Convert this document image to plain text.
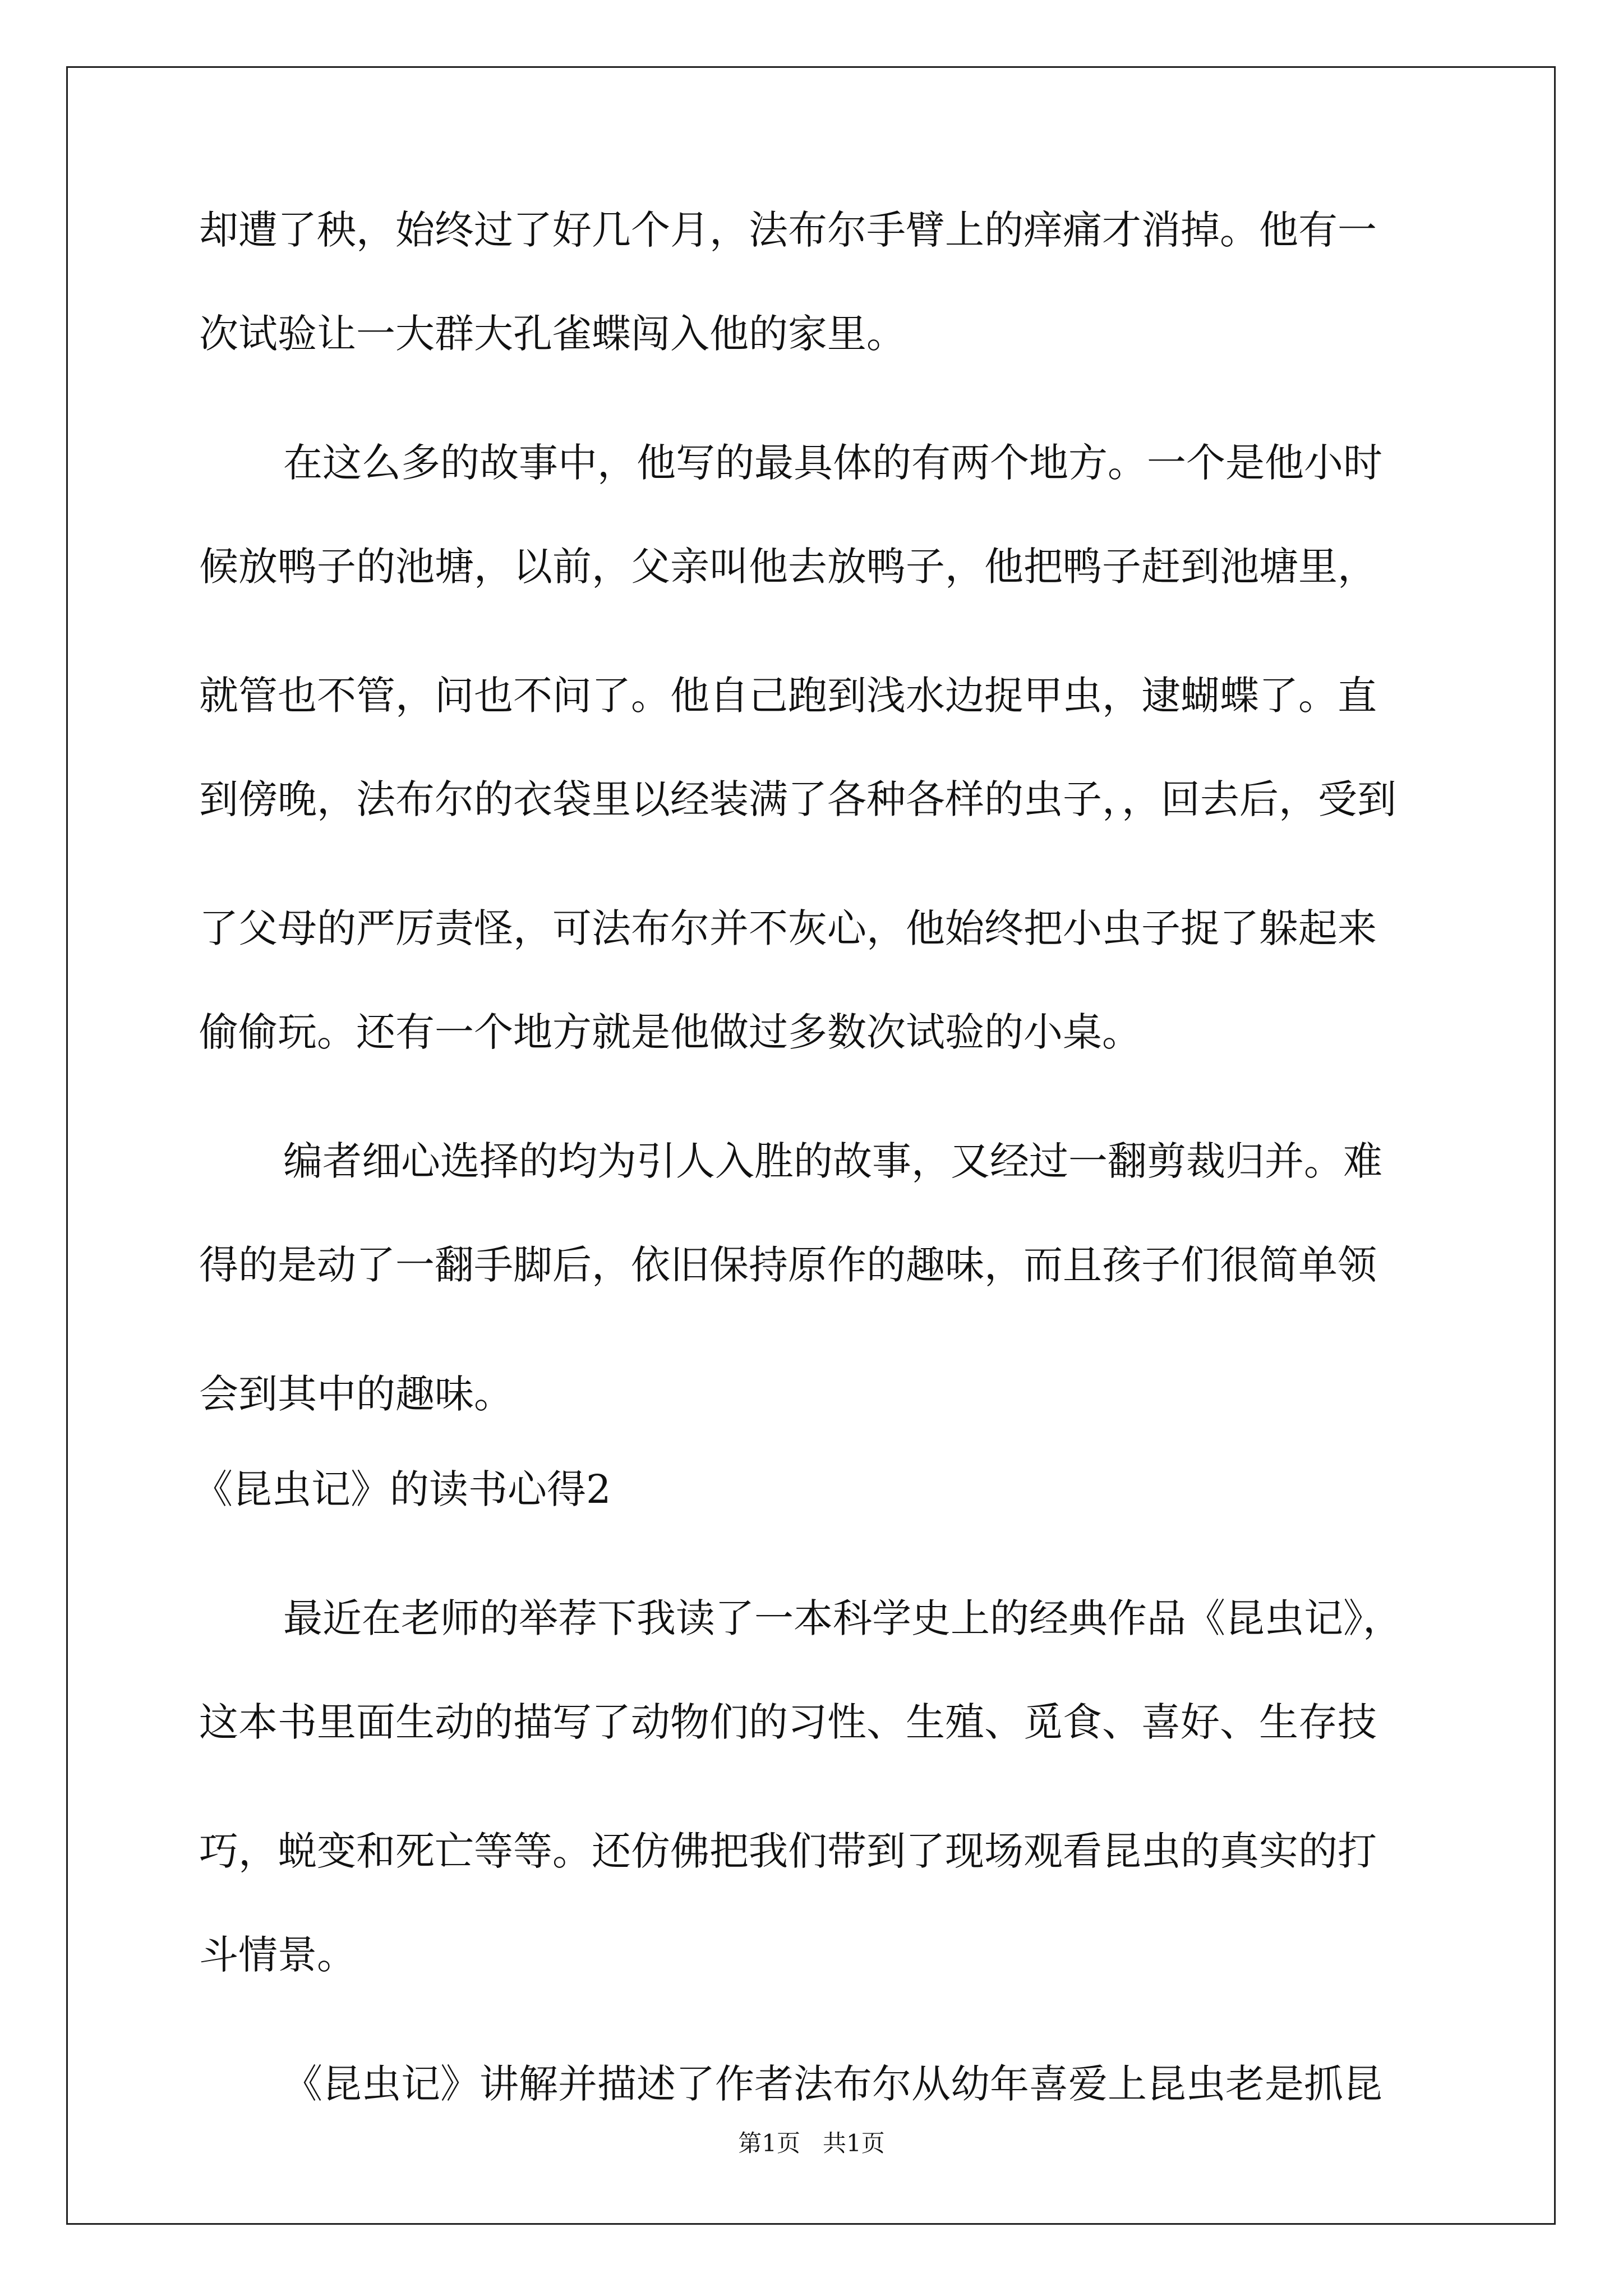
却遭了秧，始终过了好几个月，法布尔手臂上的痒痛才消掉。他有一
次试验让一大群大孔雀蝶闯入他的家里。
在这么多的故事中，他写的最具体的有两个地方。一个是他小时
候放鸭子的池塘，以前，父亲叫他去放鸭子，他把鸭子赶到池塘里，
就管也不管，问也不问了。他自己跑到浅水边捉甲虫，逮蝴蝶了。直
到傍晚，法布尔的衣袋里以经装满了各种各样的虫子，，回去后，受到
了父母的严厉责怪，可法布尔并不灰心，他始终把小虫子捉了躲起来
偷偷玩。还有一个地方就是他做过多数次试验的小桌。
编者细心选择的均为引人入胜的故事，又经过一翻剪裁归并。难
得的是动了一翻手脚后，依旧保持原作的趣味，而且孩子们很简单领
会到其中的趣味。
《昆虫记》的读书心得2
最近在老师的举荐下我读了一本科学史上的经典作品《昆虫记》，
这本书里面生动的描写了动物们的习性、生殖、觅食、喜好、生存技
巧，蜕变和死亡等等。还仿佛把我们带到了现场观看昆虫的真实的打
斗情景。
《昆虫记》讲解并描述了作者法布尔从幼年喜爱上昆虫老是抓昆
第1页 共1页
